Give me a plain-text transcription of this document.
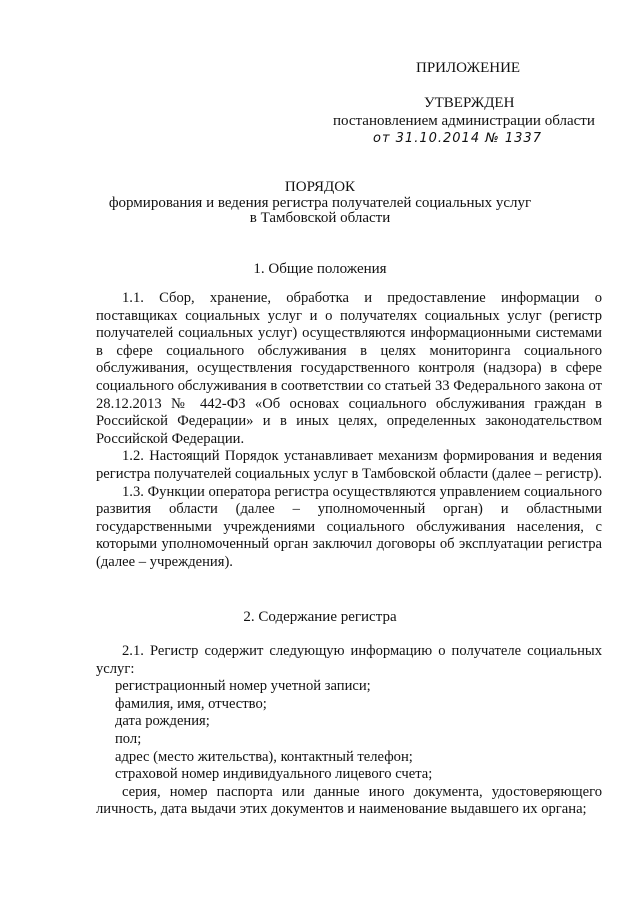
ПРИЛОЖЕНИЕ
УТВЕРЖДЕН
постановлением администрации области
от 31.10.2014 № 1337
ПОРЯДОК
формирования и ведения регистра получателей социальных услуг
в Тамбовской области
1. Общие положения

1.1. Сбор, хранение, обработка и предоставление информации о поставщиках социальных услуг и о получателях социальных услуг (регистр получателей социальных услуг) осуществляются информационными системами в сфере социального обслуживания в целях мониторинга социального обслуживания, осуществления государственного контроля (надзора) в сфере социального обслуживания в соответствии со статьей 33 Федерального закона от 28.12.2013 № 442-ФЗ «Об основах социального обслуживания граждан в Российской Федерации» и в иных целях, определенных законодательством Российской Федерации.

1.2. Настоящий Порядок устанавливает механизм формирования и ведения регистра получателей социальных услуг в Тамбовской области (далее – регистр).

1.3. Функции оператора регистра осуществляются управлением социального развития области (далее – уполномоченный орган) и областными государственными учреждениями социального обслуживания населения, с которыми уполномоченный орган заключил договоры об эксплуатации регистра (далее – учреждения).

2. Содержание регистра

2.1. Регистр содержит следующую информацию о получателе социальных услуг:

регистрационный номер учетной записи;

фамилия, имя, отчество;

дата рождения;

пол;

адрес (место жительства), контактный телефон;

страховой номер индивидуального лицевого счета;

серия, номер паспорта или данные иного документа, удостоверяющего личность, дата выдачи этих документов и наименование выдавшего их органа;
